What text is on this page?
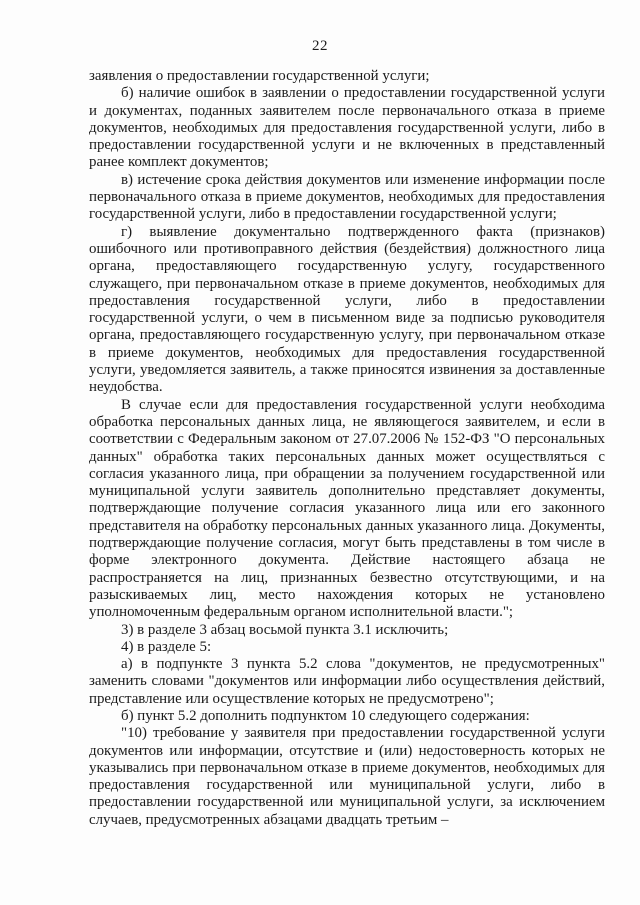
22

заявления о предоставлении государственной услуги;

б) наличие ошибок в заявлении о предоставлении государственной услуги и документах, поданных заявителем после первоначального отказа в приеме документов, необходимых для предоставления государственной услуги, либо в предоставлении государственной услуги и не включенных в представленный ранее комплект документов;

в) истечение срока действия документов или изменение информации после первоначального отказа в приеме документов, необходимых для предоставления государственной услуги, либо в предоставлении государственной услуги;

г) выявление документально подтвержденного факта (признаков) ошибочного или противоправного действия (бездействия) должностного лица органа, предоставляющего государственную услугу, государственного служащего, при первоначальном отказе в приеме документов, необходимых для предоставления государственной услуги, либо в предоставлении государственной услуги, о чем в письменном виде за подписью руководителя органа, предоставляющего государственную услугу, при первоначальном отказе в приеме документов, необходимых для предоставления государственной услуги, уведомляется заявитель, а также приносятся извинения за доставленные неудобства.

В случае если для предоставления государственной услуги необходима обработка персональных данных лица, не являющегося заявителем, и если в соответствии с Федеральным законом от 27.07.2006 № 152-ФЗ "О персональных данных" обработка таких персональных данных может осуществляться с согласия указанного лица, при обращении за получением государственной или муниципальной услуги заявитель дополнительно представляет документы, подтверждающие получение согласия указанного лица или его законного представителя на обработку персональных данных указанного лица. Документы, подтверждающие получение согласия, могут быть представлены в том числе в форме электронного документа. Действие настоящего абзаца не распространяется на лиц, признанных безвестно отсутствующими, и на разыскиваемых лиц, место нахождения которых не установлено уполномоченным федеральным органом исполнительной власти.";

3) в разделе 3 абзац восьмой пункта 3.1 исключить;

4) в разделе 5:

а) в подпункте 3 пункта 5.2 слова "документов, не предусмотренных" заменить словами "документов или информации либо осуществления действий, представление или осуществление которых не предусмотрено";

б) пункт 5.2 дополнить подпунктом 10 следующего содержания:

"10) требование у заявителя при предоставлении государственной услуги документов или информации, отсутствие и (или) недостоверность которых не указывались при первоначальном отказе в приеме документов, необходимых для предоставления государственной или муниципальной услуги, либо в предоставлении государственной или муниципальной услуги, за исключением случаев, предусмотренных абзацами двадцать третьим –
